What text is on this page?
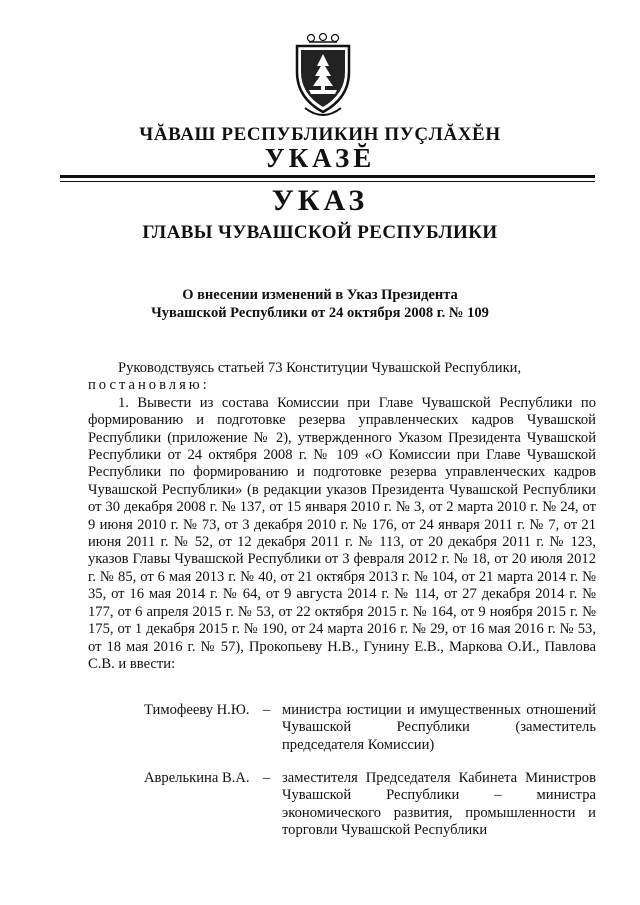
ЧĂВАШ РЕСПУБЛИКИН ПУÇЛĂХĔН
УКАЗĔ
УКАЗ
ГЛАВЫ ЧУВАШСКОЙ РЕСПУБЛИКИ
О внесении изменений в Указ Президента
Чувашской Республики от 24 октября 2008 г. № 109

Руководствуясь статьей 73 Конституции Чувашской Республики,

постановляю:

1. Вывести из состава Комиссии при Главе Чувашской Республики по формированию и подготовке резерва управленческих кадров Чувашской Республики (приложение № 2), утвержденного Указом Президента Чувашской Республики от 24 октября 2008 г. № 109 «О Комиссии при Главе Чувашской Республики по формированию и подготовке резерва управленческих кадров Чувашской Республики» (в редакции указов Президента Чувашской Республики от 30 декабря 2008 г. № 137, от 15 января 2010 г. № 3, от 2 марта 2010 г. № 24, от 9 июня 2010 г. № 73, от 3 декабря 2010 г. № 176, от 24 января 2011 г. № 7, от 21 июня 2011 г. № 52, от 12 декабря 2011 г. № 113, от 20 декабря 2011 г. № 123, указов Главы Чувашской Республики от 3 февраля 2012 г. № 18, от 20 июля 2012 г. № 85, от 6 мая 2013 г. № 40, от 21 октября 2013 г. № 104, от 21 марта 2014 г. № 35, от 16 мая 2014 г. № 64, от 9 августа 2014 г. № 114, от 27 декабря 2014 г. № 177, от 6 апреля 2015 г. № 53, от 22 октября 2015 г. № 164, от 9 ноября 2015 г. № 175, от 1 декабря 2015 г. № 190, от 24 марта 2016 г. № 29, от 16 мая 2016 г. № 53, от 18 мая 2016 г. № 57), Прокопьеву Н.В., Гунину Е.В., Маркова О.И., Павлова С.В. и ввести:

Тимофееву Н.Ю. – министра юстиции и имущественных отношений Чувашской Республики (заместитель председателя Комиссии)
Аврелькина В.А. – заместителя Председателя Кабинета Министров Чувашской Республики – министра экономического развития, промышленности и торговли Чувашской Республики
